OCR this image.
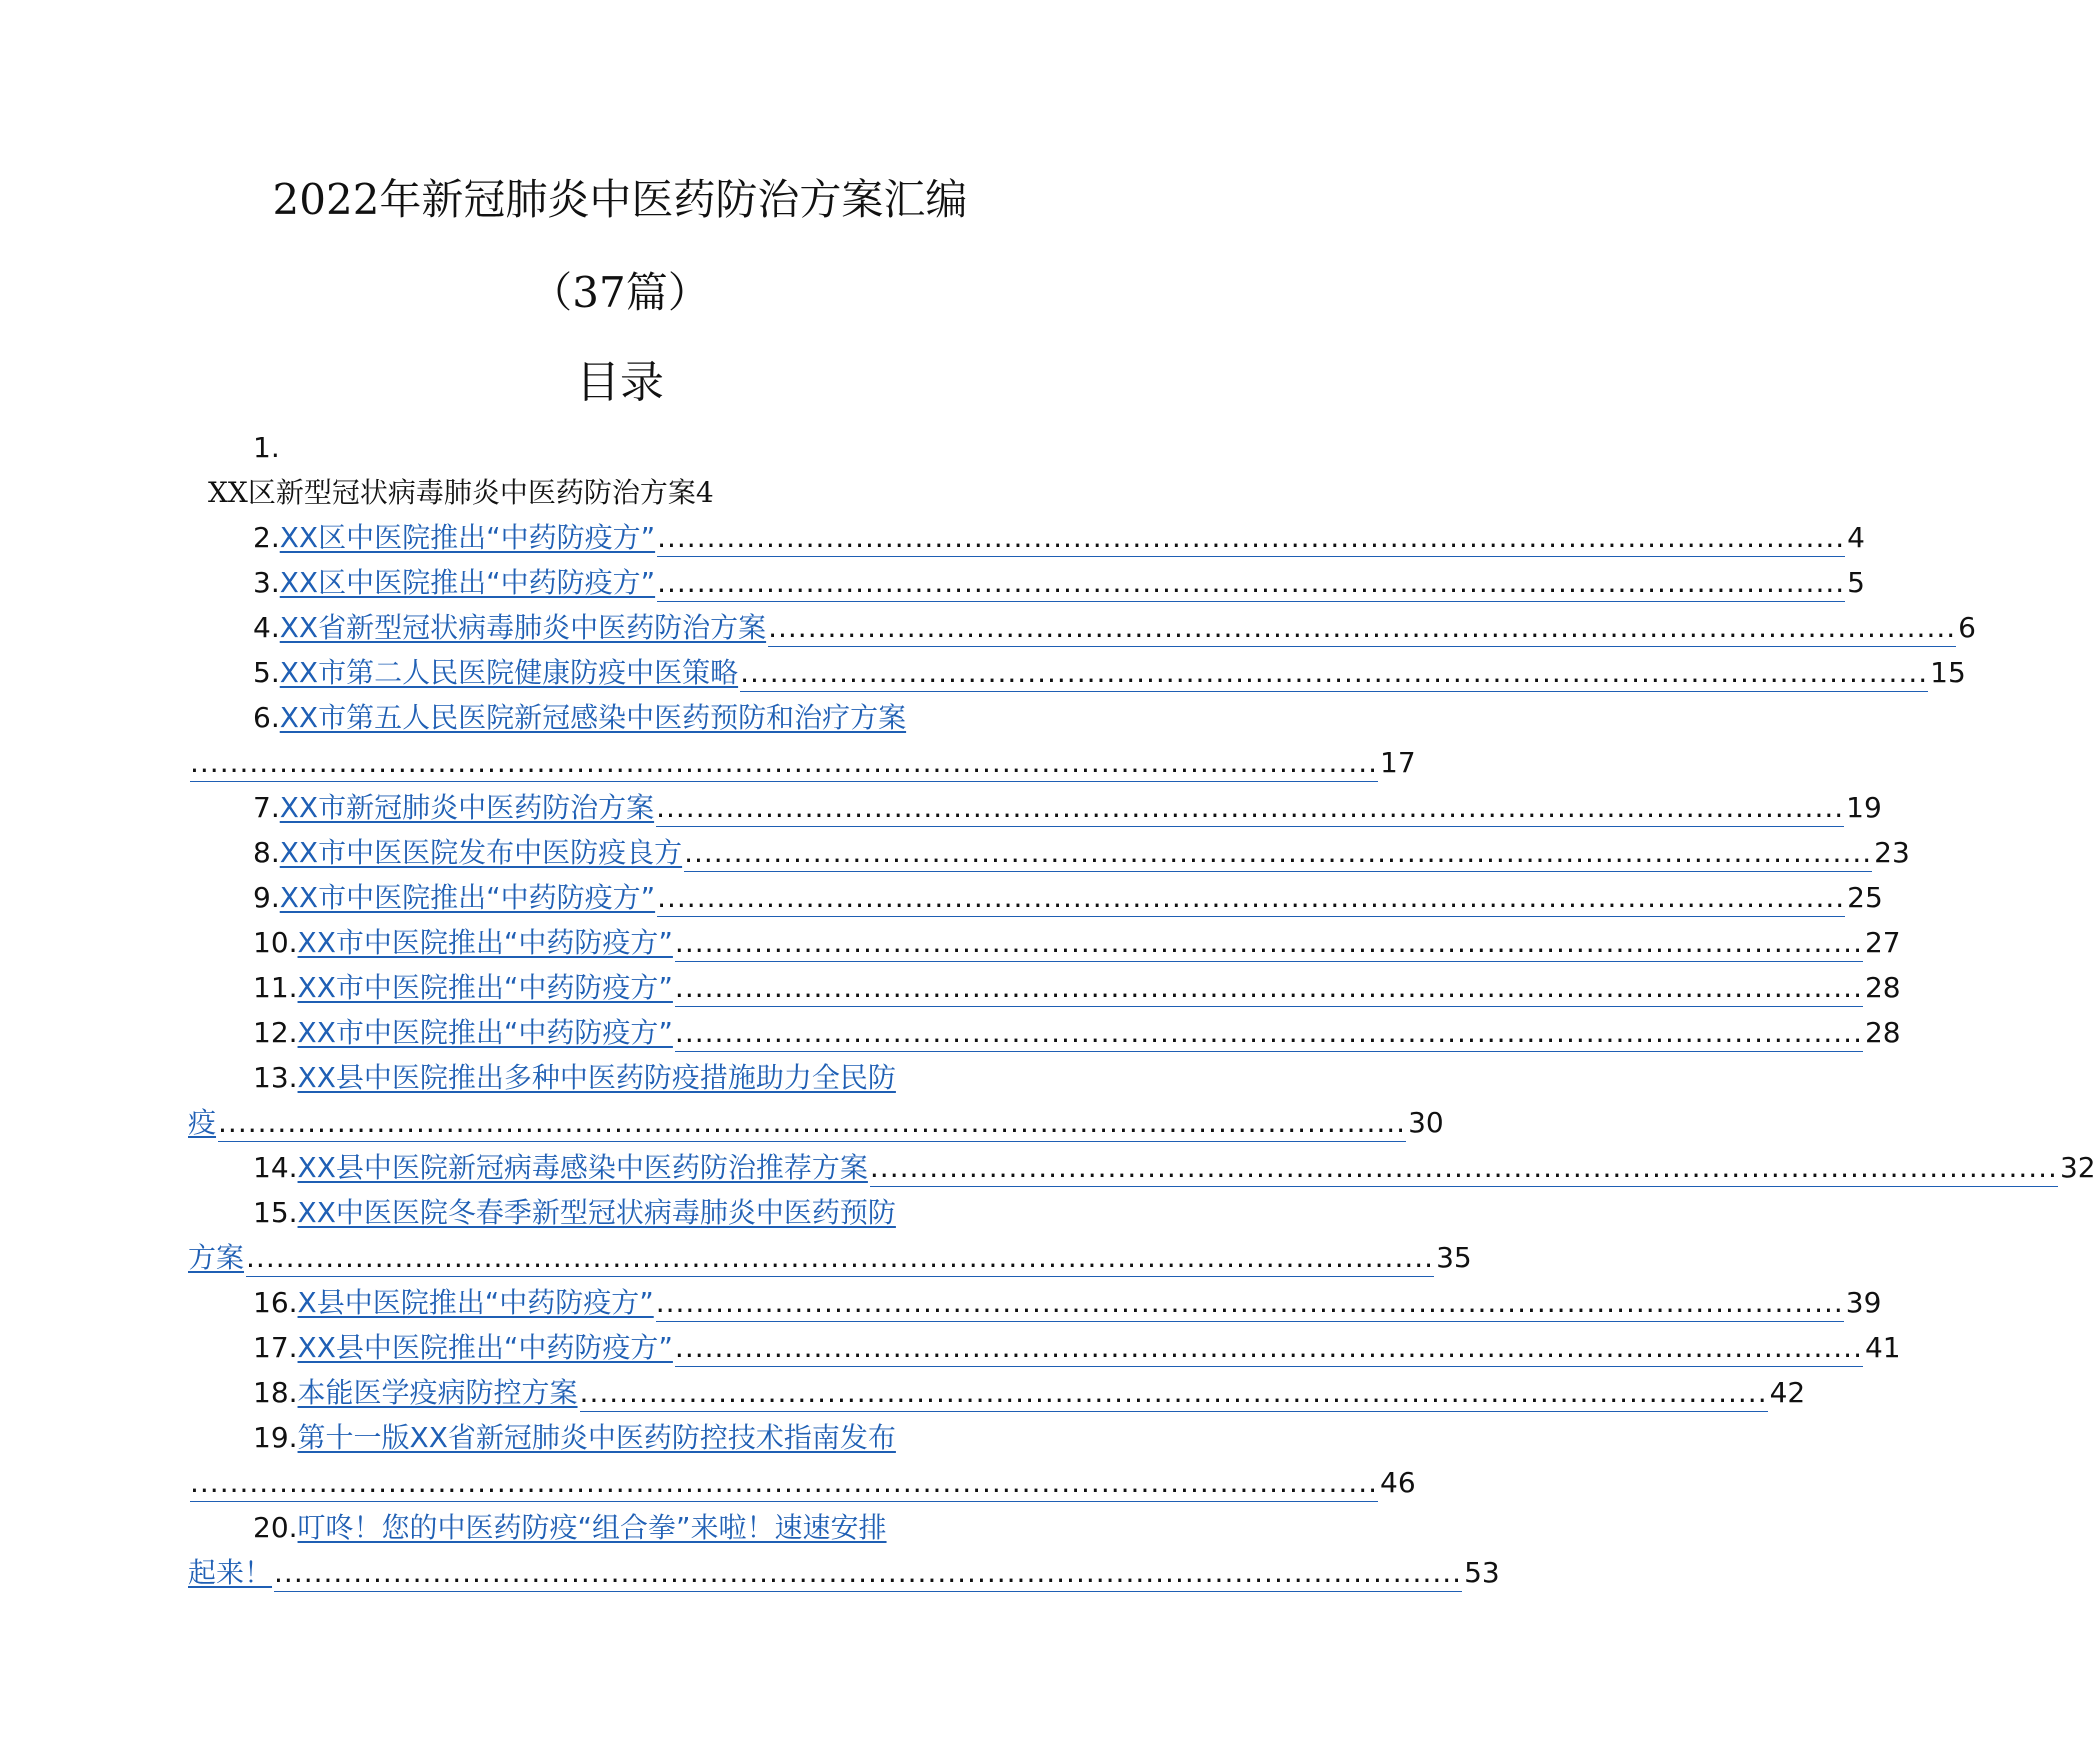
2022年新冠肺炎中医药防治方案汇编
（37篇）
目录
1.
XX区新型冠状病毒肺炎中医药防治方案4
2. XX区中医院推出“中药防疫方” ........................................................................................................................ 4
3. XX区中医院推出“中药防疫方” ........................................................................................................................ 5
4. XX省新型冠状病毒肺炎中医药防治方案 ........................................................................................................................ 6
5. XX市第二人民医院健康防疫中医策略 ........................................................................................................................ 15
6. XX市第五人民医院新冠感染中医药预防和治疗方案
........................................................................................................................ 17
7. XX市新冠肺炎中医药防治方案 ........................................................................................................................ 19
8. XX市中医医院发布中医防疫良方 ........................................................................................................................ 23
9. XX市中医院推出“中药防疫方” ........................................................................................................................ 25
10. XX市中医院推出“中药防疫方” ........................................................................................................................ 27
11. XX市中医院推出“中药防疫方” ........................................................................................................................ 28
12. XX市中医院推出“中药防疫方” ........................................................................................................................ 28
13. XX县中医院推出多种中医药防疫措施助力全民防
疫 ........................................................................................................................ 30
14. XX县中医院新冠病毒感染中医药防治推荐方案 ........................................................................................................................ 32
15. XX中医医院冬春季新型冠状病毒肺炎中医药预防
方案 ........................................................................................................................ 35
16. X县中医院推出“中药防疫方” ........................................................................................................................ 39
17. XX县中医院推出“中药防疫方” ........................................................................................................................ 41
18. 本能医学疫病防控方案 ........................................................................................................................ 42
19. 第十一版XX省新冠肺炎中医药防控技术指南发布
........................................................................................................................ 46
20. 叮咚！您的中医药防疫“组合拳”来啦！速速安排
起来！ ........................................................................................................................ 53
